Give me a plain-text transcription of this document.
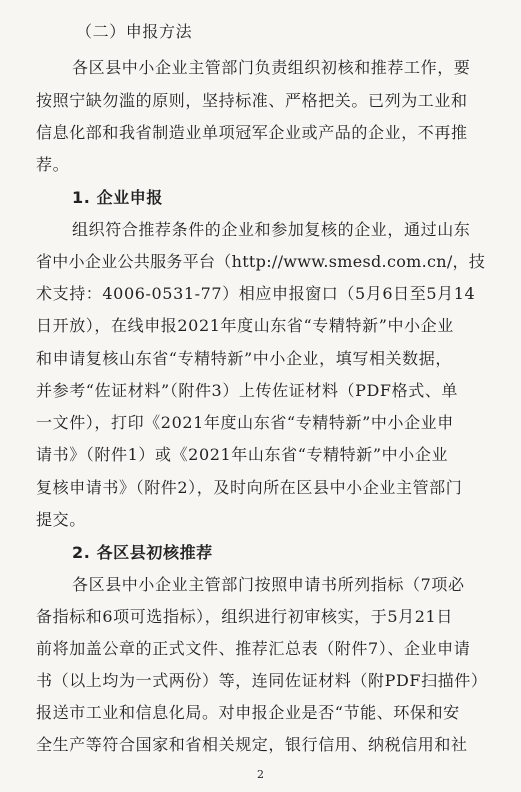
（二）申报方法
各区县中小企业主管部门负责组织初核和推荐工作，要
按照宁缺勿滥的原则，坚持标准、严格把关。已列为工业和
信息化部和我省制造业单项冠军企业或产品的企业，不再推
荐。
1. 企业申报
组织符合推荐条件的企业和参加复核的企业，通过山东
省中小企业公共服务平台（http://www.smesd.com.cn/，技
术支持：4006-0531-77）相应申报窗口（5月6日至5月14
日开放），在线申报2021年度山东省“专精特新”中小企业
和申请复核山东省“专精特新”中小企业，填写相关数据，
并参考“佐证材料”（附件3）上传佐证材料（PDF格式、单
一文件），打印《2021年度山东省“专精特新”中小企业申
请书》（附件1）或《2021年山东省“专精特新”中小企业
复核申请书》（附件2），及时向所在区县中小企业主管部门
提交。
2. 各区县初核推荐
各区县中小企业主管部门按照申请书所列指标（7项必
备指标和6项可选指标），组织进行初审核实，于5月21日
前将加盖公章的正式文件、推荐汇总表（附件7）、企业申请
书（以上均为一式两份）等，连同佐证材料（附PDF扫描件）
报送市工业和信息化局。对申报企业是否“节能、环保和安
全生产等符合国家和省相关规定，银行信用、纳税信用和社
2
